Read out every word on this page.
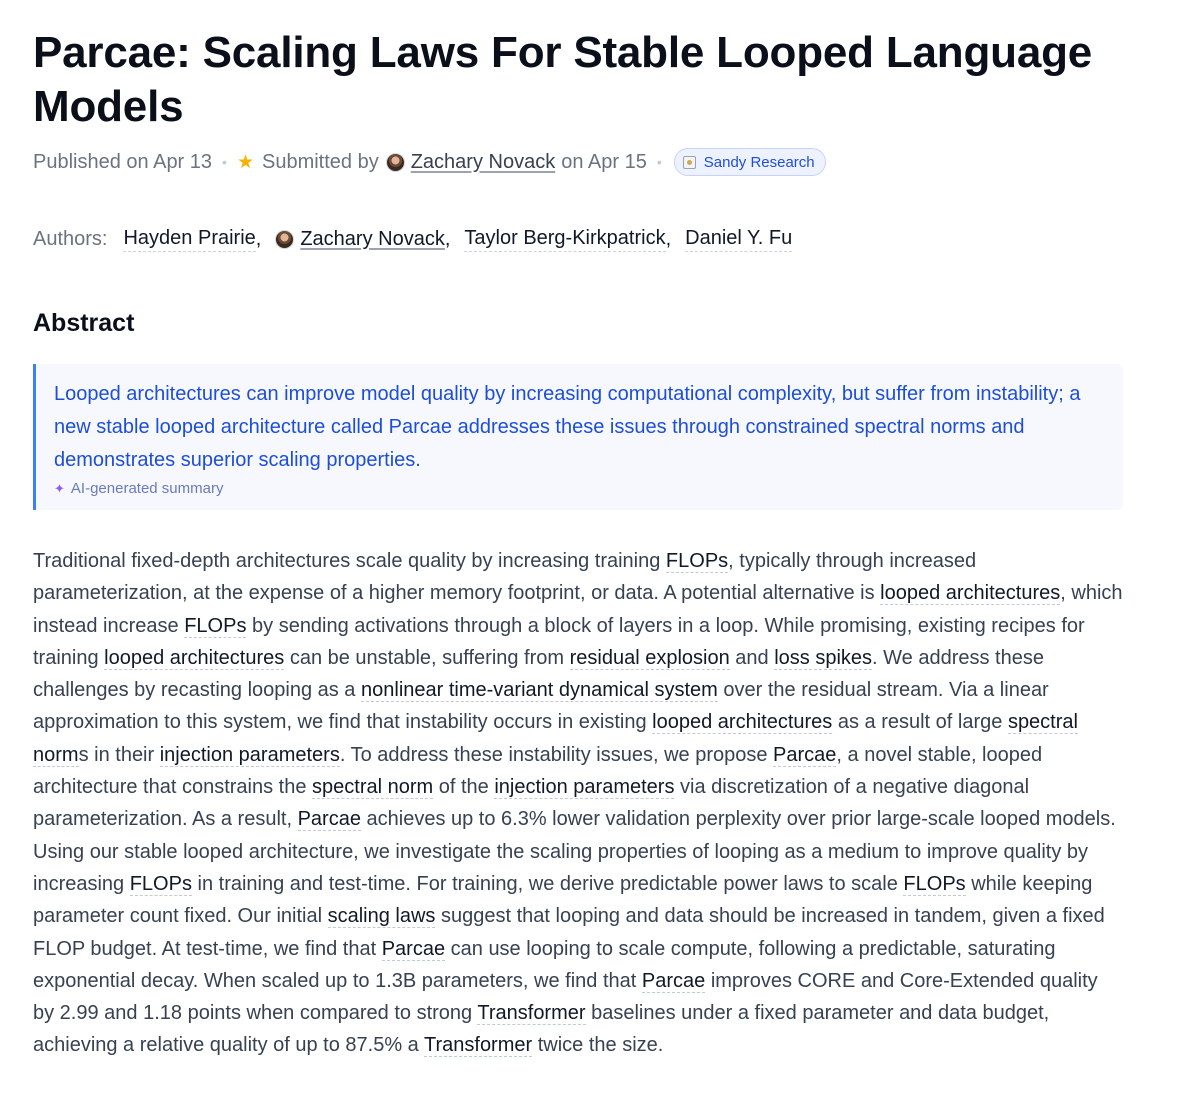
Parcae: Scaling Laws For Stable Looped Language Models
Published on Apr 13 • ★ Submitted by Zachary Novack on Apr 15 •	Sandy Research
Authors: Hayden Prairie , Zachary Novack , Taylor Berg-Kirkpatrick , Daniel Y. Fu
Abstract
Looped architectures can improve model quality by increasing computational complexity, but suffer from instability; a new stable looped architecture called Parcae addresses these issues through constrained spectral norms and demonstrates superior scaling properties.
✦ AI-generated summary
Traditional fixed-depth architectures scale quality by increasing training FLOPs, typically through increased parameterization, at the expense of a higher memory footprint, or data. A potential alternative is looped architectures, which instead increase FLOPs by sending activations through a block of layers in a loop. While promising, existing recipes for training looped architectures can be unstable, suffering from residual explosion and loss spikes. We address these challenges by recasting looping as a nonlinear time-variant dynamical system over the residual stream. Via a linear approximation to this system, we find that instability occurs in existing looped architectures as a result of large spectral norms in their injection parameters. To address these instability issues, we propose Parcae, a novel stable, looped architecture that constrains the spectral norm of the injection parameters via discretization of a negative diagonal parameterization. As a result, Parcae achieves up to 6.3% lower validation perplexity over prior large-scale looped models. Using our stable looped architecture, we investigate the scaling properties of looping as a medium to improve quality by increasing FLOPs in training and test-time. For training, we derive predictable power laws to scale FLOPs while keeping parameter count fixed. Our initial scaling laws suggest that looping and data should be increased in tandem, given a fixed FLOP budget. At test-time, we find that Parcae can use looping to scale compute, following a predictable, saturating exponential decay. When scaled up to 1.3B parameters, we find that Parcae improves CORE and Core-Extended quality by 2.99 and 1.18 points when compared to strong Transformer baselines under a fixed parameter and data budget, achieving a relative quality of up to 87.5% a Transformer twice the size.
